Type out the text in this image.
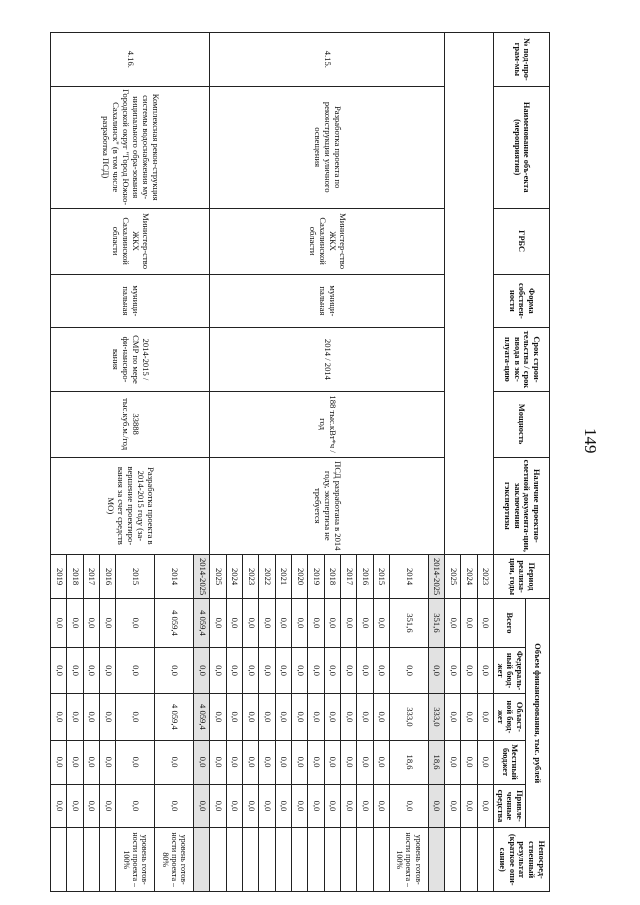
149
№ под-про-грам-мы	Наименование объ-екта (мероприятия)	ГРБС	Форма собствен-ности	Срок строи-тельства / срок ввода в экс-плуата-цию	Мощность	Наличие проектно-сметной документа-ции, заключения гэкспертизы	Период реализа-ции, годы	Объем финансирования, тыс. рублей					Непосред-ственный результат (краткое опи-сание)
								Всего	Федераль-ный бюд-жет	Област-ной бюд-жет	Местный бюджет	Привле-ченные средства	
							2023	0,0	0,0	0,0	0,0	0,0	
							2024	0,0	0,0	0,0	0,0	0,0	
							2025	0,0	0,0	0,0	0,0	0,0	
4.15.	Разработка проекта по реконструкции уличного освещения	Министер-ство ЖКХ Сахалинской области	муници-пальная	2014 / 2014	188 тыс.кВт*ч / год	ПСД разработана в 2014 году, экспертиза не требуется	2014-2025	351,6	0,0	333,0	18,6	0,0	
							2014	351,6	0,0	333,0	18,6	0,0	уровень готов-ности проекта – 100%
							2015	0,0	0,0	0,0	0,0	0,0	
							2016	0,0	0,0	0,0	0,0	0,0	
							2017	0,0	0,0	0,0	0,0	0,0	
							2018	0,0	0,0	0,0	0,0	0,0	
							2019	0,0	0,0	0,0	0,0	0,0	
							2020	0,0	0,0	0,0	0,0	0,0	
							2021	0,0	0,0	0,0	0,0	0,0	
							2022	0,0	0,0	0,0	0,0	0,0	
							2023	0,0	0,0	0,0	0,0	0,0	
							2024	0,0	0,0	0,0	0,0	0,0	
							2025	0,0	0,0	0,0	0,0	0,0	
4.16.	Комплексная рекон-струкция системы водоснабжения му-ниципального обра-зования Городской округ "Город Южно-Сахалинск" (в том числе разработка ПСД)	Министер-ство ЖКХ Сахалинской области	муници-пальная	2014-2015 / СМР по мере фи-нансиро-вания	33888 тыс.куб.м./год	Разработка проекта в 2014-2015 году (за-вершение проектиро-вания за счет средств МО)	2014-2025	4 059,4	0,0	4 059,4	0,0	0,0	
							2014	4 059,4	0,0	4 059,4	0,0	0,0	уровень готов-ности проекта – 80%
							2015	0,0	0,0	0,0	0,0	0,0	уровень готов-ности проекта – 100%
							2016	0,0	0,0	0,0	0,0	0,0	
							2017	0,0	0,0	0,0	0,0	0,0	
							2018	0,0	0,0	0,0	0,0	0,0	
							2019	0,0	0,0	0,0	0,0	0,0	
